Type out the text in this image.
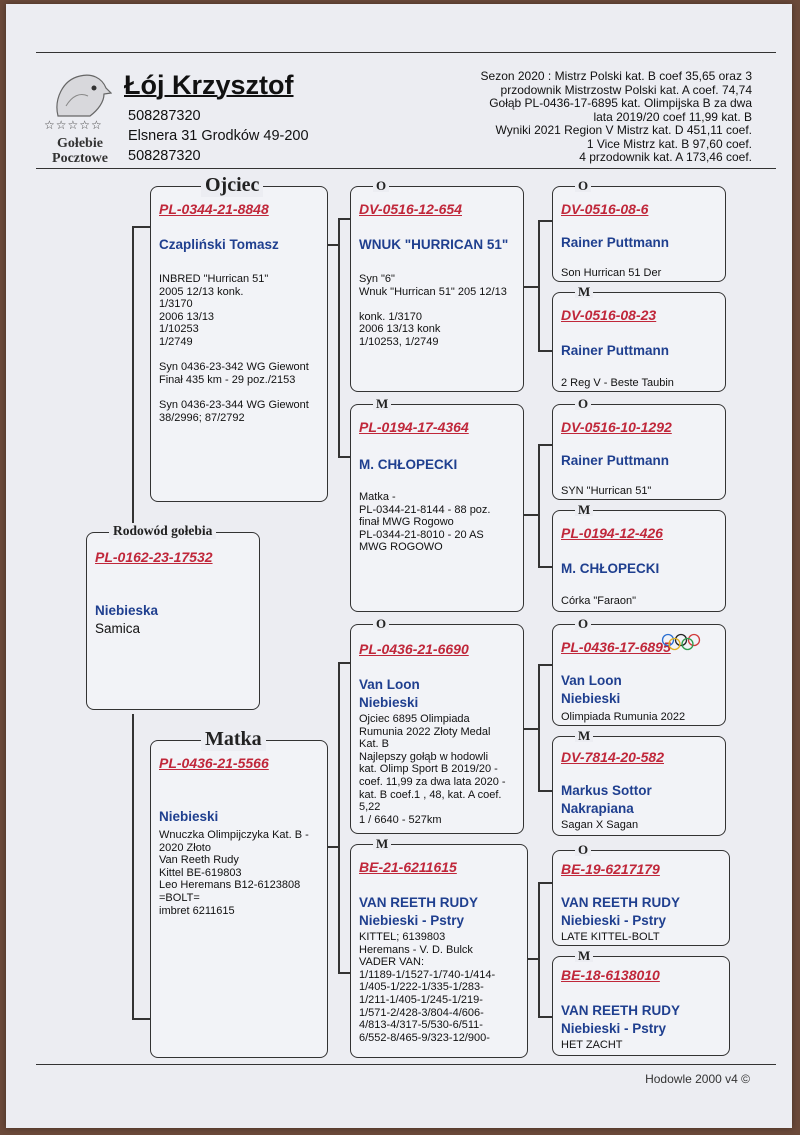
☆☆☆☆☆
Gołebie Pocztowe
Łój Krzysztof
508287320
Elsnera 31 Grodków 49-200
508287320
Sezon 2020 : Mistrz Polski kat. B coef 35,65 oraz 3
przodownik Mistrzostw Polski kat. A coef. 74,74
Gołąb PL-0436-17-6895 kat. Olimpijska B za dwa
lata 2019/20 coef 11,99 kat. B
Wyniki 2021 Region V Mistrz kat. D 451,11 coef.
1 Vice Mistrz kat. B 97,60 coef.
4 przodownik kat. A 173,46 coef.
Rodowód gołebia
PL-0162-23-17532
Niebieska
Samica
Ojciec
PL-0344-21-8848
Czapliński Tomasz
INBRED "Hurrican 51"
2005 12/13 konk.
1/3170
2006 13/13
1/10253
1/2749

Syn 0436-23-342 WG Giewont
Finał 435 km - 29 poz./2153

Syn 0436-23-344 WG Giewont
38/2996; 87/2792
Matka
PL-0436-21-5566
Niebieski
Wnuczka Olimpijczyka Kat. B -
2020 Złoto
Van Reeth Rudy
Kittel BE-619803
Leo Heremans B12-6123808
=BOLT=
imbret 6211615
O
DV-0516-12-654
WNUK "HURRICAN 51"
Syn "6"
Wnuk "Hurrican 51" 205 12/13

konk. 1/3170
2006 13/13 konk
1/10253, 1/2749
M
PL-0194-17-4364
M. CHŁOPECKI
Matka -
PL-0344-21-8144 - 88 poz.
finał MWG Rogowo
PL-0344-21-8010 - 20 AS
MWG ROGOWO
O
PL-0436-21-6690
Van Loon
Niebieski
Ojciec 6895 Olimpiada
Rumunia 2022 Złoty Medal
Kat. B
Najlepszy gołąb w hodowli
kat. Olimp Sport B 2019/20 -
coef. 11,99 za dwa lata 2020 -
kat. B coef.1 , 48, kat. A coef.
5,22
1 / 6640 - 527km
M
BE-21-6211615
VAN REETH RUDY
Niebieski - Pstry
KITTEL; 6139803
Heremans - V. D. Bulck
VADER VAN:
1/1189-1/1527-1/740-1/414-
1/405-1/222-1/335-1/283-
1/211-1/405-1/245-1/219-
1/571-2/428-3/804-4/606-
4/813-4/317-5/530-6/511-
6/552-8/465-9/323-12/900-
O
DV-0516-08-6
Rainer Puttmann
Son Hurrican 51 Der
M
DV-0516-08-23
Rainer Puttmann
2 Reg V - Beste Taubin
O
DV-0516-10-1292
Rainer Puttmann
SYN "Hurrican 51"
M
PL-0194-12-426
M. CHŁOPECKI
Córka "Faraon"
O
PL-0436-17-6895
Van Loon
Niebieski
Olimpiada Rumunia 2022
M
DV-7814-20-582
Markus Sottor
Nakrapiana
Sagan X Sagan
O
BE-19-6217179
VAN REETH RUDY
Niebieski - Pstry
LATE KITTEL-BOLT
M
BE-18-6138010
VAN REETH RUDY
Niebieski - Pstry
HET ZACHT
Hodowle 2000 v4 ©
